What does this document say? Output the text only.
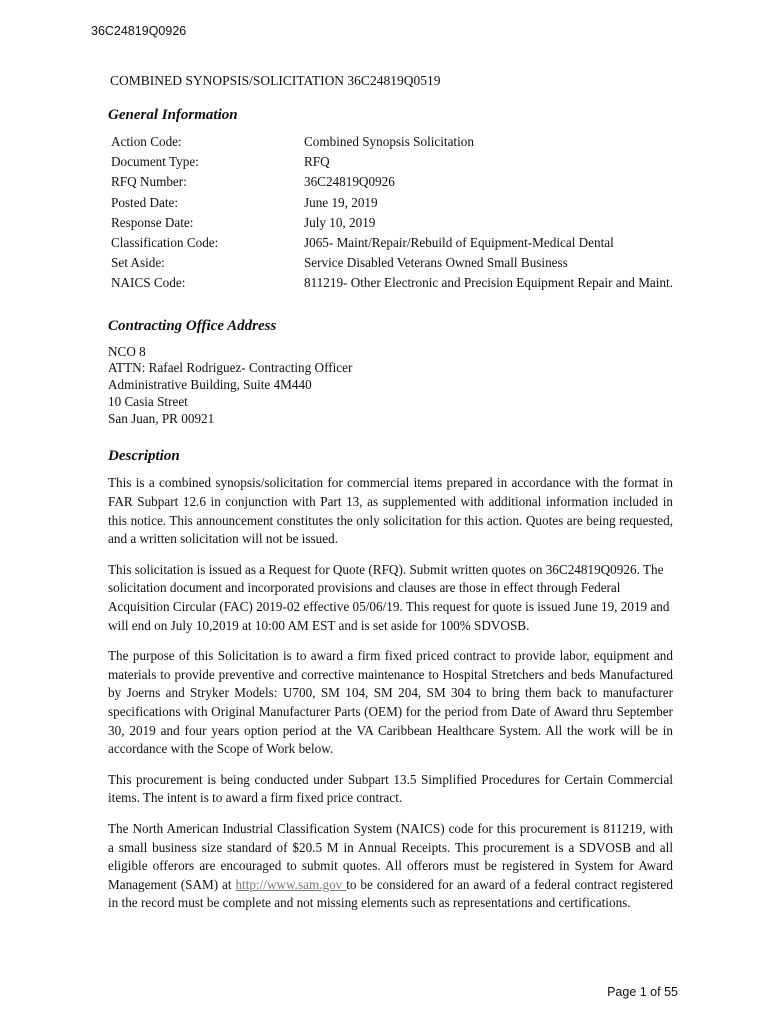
36C24819Q0926
COMBINED SYNOPSIS/SOLICITATION 36C24819Q0519
General Information
Action Code:	Combined Synopsis Solicitation
Document Type:	RFQ
RFQ Number:	36C24819Q0926
Posted Date:	June 19, 2019
Response Date:	July 10, 2019
Classification Code:	J065- Maint/Repair/Rebuild of Equipment-Medical Dental
Set Aside:	Service Disabled Veterans Owned Small Business
NAICS Code:	811219- Other Electronic and Precision Equipment Repair and Maint.
Contracting Office Address
NCO 8
ATTN: Rafael Rodriguez- Contracting Officer
Administrative Building, Suite 4M440
10 Casia Street
San Juan, PR 00921
Description

This is a combined synopsis/solicitation for commercial items prepared in accordance with the format in FAR Subpart 12.6 in conjunction with Part 13, as supplemented with additional information included in this notice. This announcement constitutes the only solicitation for this action. Quotes are being requested, and a written solicitation will not be issued.

This solicitation is issued as a Request for Quote (RFQ). Submit written quotes on 36C24819Q0926. The solicitation document and incorporated provisions and clauses are those in effect through Federal Acquisition Circular (FAC) 2019-02 effective 05/06/19. This request for quote is issued June 19, 2019 and will end on July 10,2019 at 10:00 AM EST and is set aside for 100% SDVOSB.

The purpose of this Solicitation is to award a firm fixed priced contract to provide labor, equipment and materials to provide preventive and corrective maintenance to Hospital Stretchers and beds Manufactured by Joerns and Stryker Models: U700, SM 104, SM 204, SM 304 to bring them back to manufacturer specifications with Original Manufacturer Parts (OEM) for the period from Date of Award thru September 30, 2019 and four years option period at the VA Caribbean Healthcare System. All the work will be in accordance with the Scope of Work below.

This procurement is being conducted under Subpart 13.5 Simplified Procedures for Certain Commercial items. The intent is to award a firm fixed price contract.

The North American Industrial Classification System (NAICS) code for this procurement is 811219, with a small business size standard of $20.5 M in Annual Receipts. This procurement is a SDVOSB and all eligible offerors are encouraged to submit quotes. All offerors must be registered in System for Award Management (SAM) at http://www.sam.gov to be considered for an award of a federal contract registered in the record must be complete and not missing elements such as representations and certifications.

Page 1 of 55
